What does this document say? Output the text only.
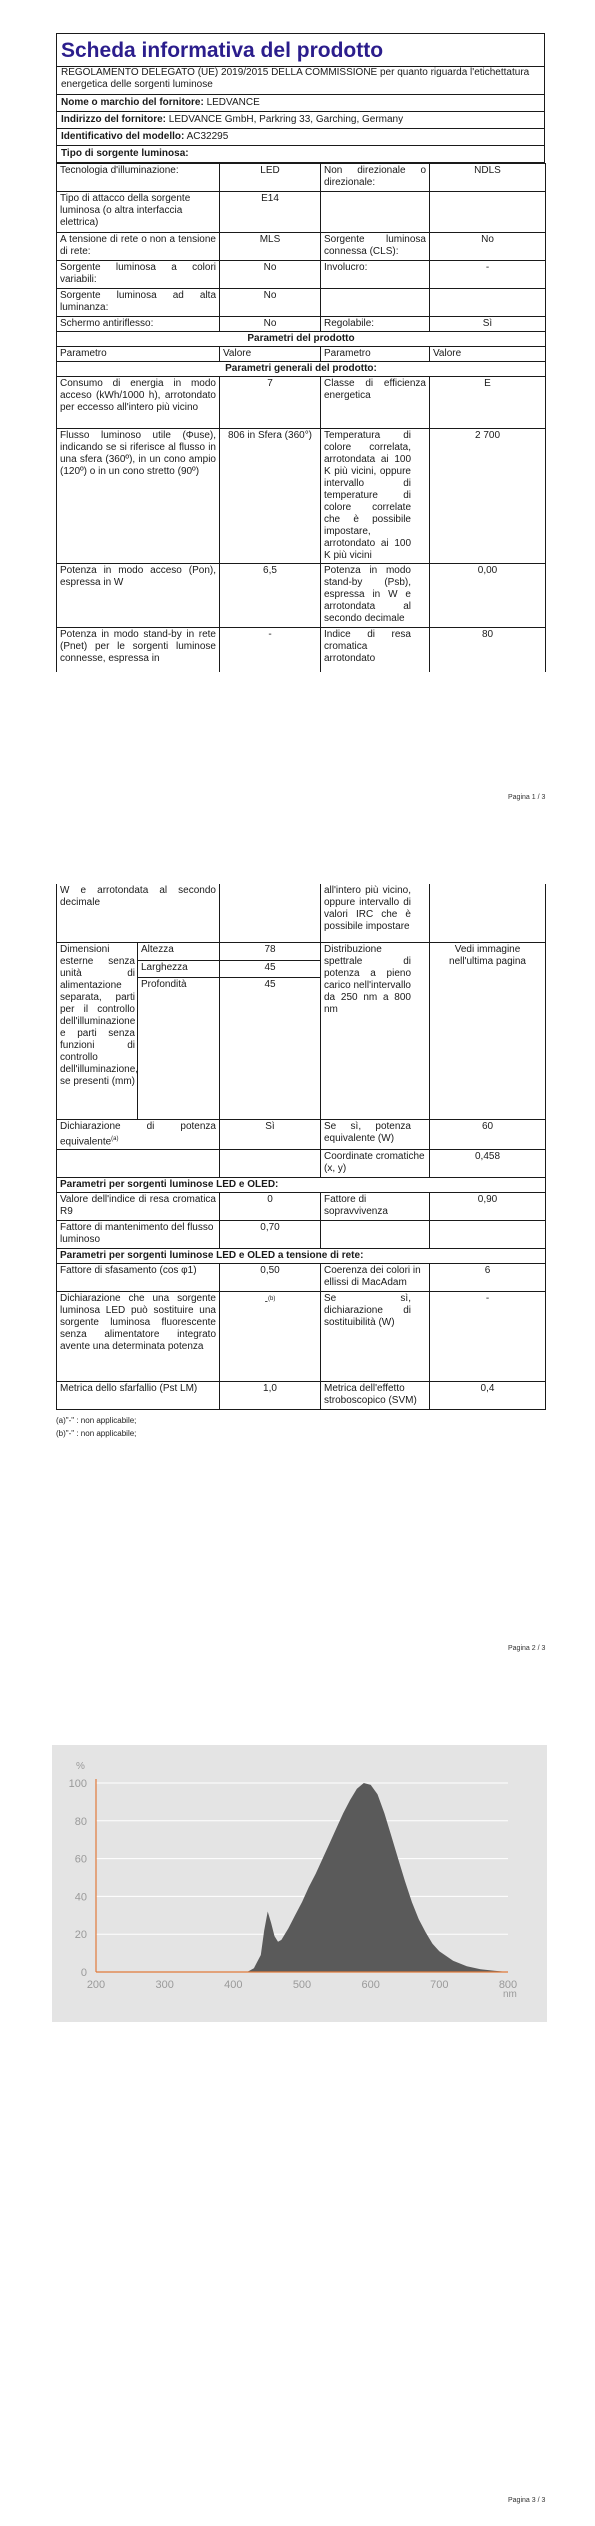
Scheda informativa del prodotto
REGOLAMENTO DELEGATO (UE) 2019/2015 DELLA COMMISSIONE per quanto riguarda l'etichettatura energetica delle sorgenti luminose
Nome o marchio del fornitore: LEDVANCE
Indirizzo del fornitore: LEDVANCE GmbH, Parkring 33, Garching, Germany
Identificativo del modello: AC32295
Tipo di sorgente luminosa:
Tecnologia d'illuminazione:	LED	Non direzionale o direzionale:	NDLS
Tipo di attacco della sorgente luminosa (o altra interfaccia elettrica)	E14		
A tensione di rete o non a tensione di rete:	MLS	Sorgente luminosa connessa (CLS):	No
Sorgente luminosa a colori variabili:	No	Involucro:	-
Sorgente luminosa ad alta luminanza:	No		
Schermo antiriflesso:	No	Regolabile:	Sì
Parametri del prodotto			
Parametro	Valore	Parametro	Valore
Parametri generali del prodotto:			
Consumo di energia in modo acceso (kWh/1000 h), arrotondato per eccesso all'intero più vicino	7	Classe di efficienza energetica	E
Flusso luminoso utile (Φuse), indicando se si riferisce al flusso in una sfera (360º), in un cono ampio (120º) o in un cono stretto (90º)	806 in Sfera (360°)	Temperatura di colore correlata, arrotondata ai 100 K più vicini, oppure intervallo di temperature di colore correlate che è possibile impostare, arrotondato ai 100 K più vicini	2 700
Potenza in modo acceso (Pon), espressa in W	6,5	Potenza in modo stand-by (Psb), espressa in W e arrotondata al secondo decimale	0,00
Potenza in modo stand-by in rete (Pnet) per le sorgenti luminose connesse, espressa in	-	Indice di resa cromatica arrotondato	80
Pagina 1 / 3
W e arrotondata al secondo decimale			all'intero più vicino, oppure intervallo di valori IRC che è possibile impostare	
Dimensioni esterne senza unità di alimentazione separata, parti per il controllo dell'illuminazione e parti senza funzioni di controllo dell'illuminazione, se presenti (mm)	Altezza	78	Distribuzione spettrale di potenza a pieno carico nell'intervallo da 250 nm a 800 nm	Vedi immagine nell'ultima pagina
	Larghezza	45		
	Profondità	45		
Dichiarazione di potenza equivalente$^{(a)}$		Sì	Se sì, potenza equivalente (W)	60
			Coordinate cromatiche (x, y)	0,458
Parametri per sorgenti luminose LED e OLED:				
Valore dell'indice di resa cromatica R9		0	Fattore di sopravvivenza	0,90
Fattore di mantenimento del flusso luminoso		0,70		
Parametri per sorgenti luminose LED e OLED a tensione di rete:				
Fattore di sfasamento (cos φ1)		0,50	Coerenza dei colori in ellissi di MacAdam	6
Dichiarazione che una sorgente luminosa LED può sostituire una sorgente luminosa fluorescente senza alimentatore integrato avente una determinata potenza		-$^{(b)}$	Se sì, dichiarazione di sostituibilità (W)	-
Metrica dello sfarfallio (Pst LM)		1,0	Metrica dell'effetto stroboscopico (SVM)	0,4
(a)"-" : non applicabile;
(b)"-" : non applicabile;
Pagina 2 / 3
0
20
40
60
80
100
200	300	400	500	600	700	800
%
nm
Pagina 3 / 3
